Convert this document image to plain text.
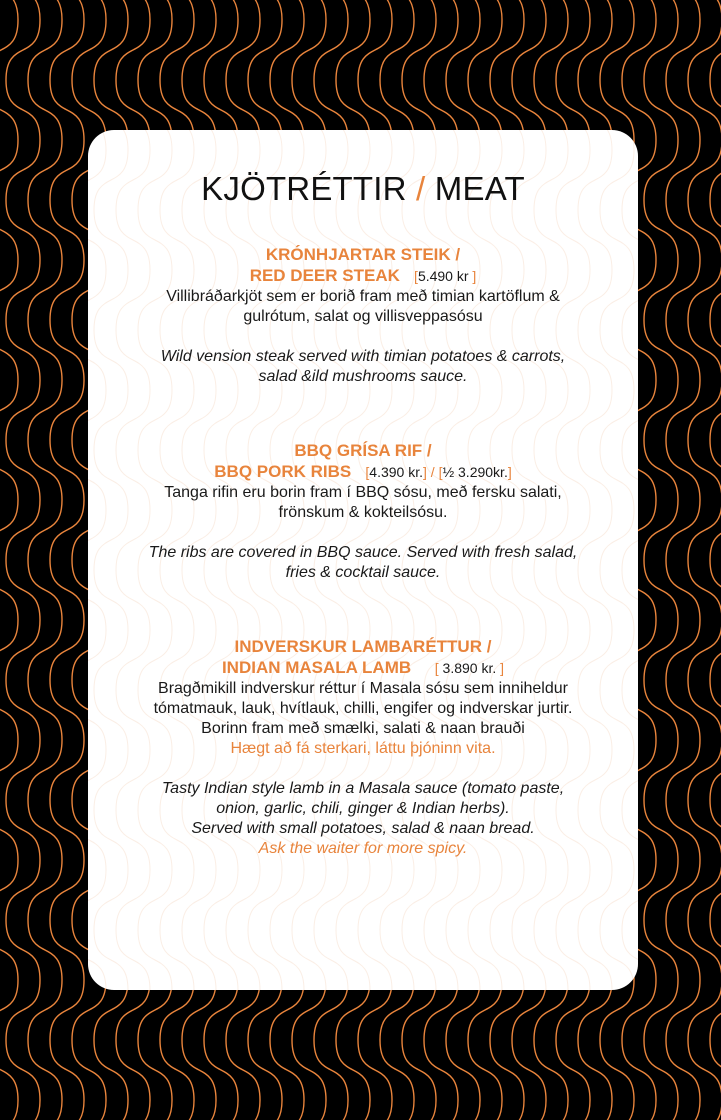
KJÖTRÉTTIR / MEAT
KRÓNHJARTAR STEIK /
RED DEER STEAK [5.490 kr ]
Villibráðarkjöt sem er borið fram með timian kartöflum &
gulrótum, salat og villisveppasósu
Wild vension steak served with timian potatoes & carrots,
salad &ild mushrooms sauce.
BBQ GRÍSA RIF /
BBQ PORK RIBS [4.390 kr.] / [½ 3.290kr.]
Tanga rifin eru borin fram í BBQ sósu, með fersku salati,
frönskum & kokteilsósu.
The ribs are covered in BBQ sauce. Served with fresh salad,
fries & cocktail sauce.
INDVERSKUR LAMBARÉTTUR /
INDIAN MASALA LAMB [ 3.890 kr. ]
Bragðmikill indverskur réttur í Masala sósu sem inniheldur
tómatmauk, lauk, hvítlauk, chilli, engifer og indverskar jurtir.
Borinn fram með smælki, salati & naan brauði
Hægt að fá sterkari, láttu þjóninn vita.
Tasty Indian style lamb in a Masala sauce (tomato paste,
onion, garlic, chili, ginger & Indian herbs).
Served with small potatoes, salad & naan bread.
Ask the waiter for more spicy.
